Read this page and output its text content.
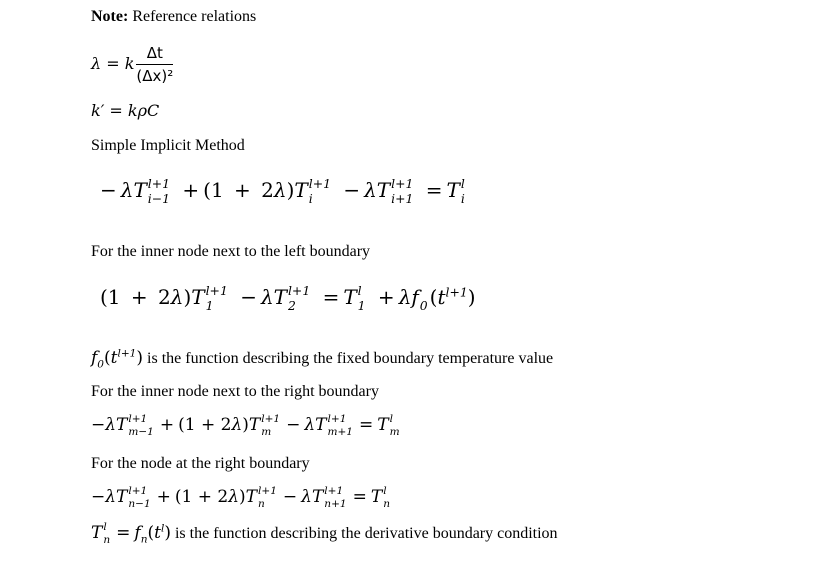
Note: Reference relations
λ = k $\frac{\Delta t}{\text{(Δx)²}}$
k′ = kρC
Simple Implicit Method
− λT l+1
i−1 + (1 + 2λ)T l+1
i	− λT l+1
i+1 = T l
i
For the inner node next to the left boundary
(1 + 2λ)T l+1
1	− λT l+1
2	= T l
1 + λf
0 $(t^{l+1})$
$f_0(t^{l+1})$ is the function describing the fixed boundary temperature value
For the inner node next to the right boundary
−λT l+1
m−1 + (1 + 2λ)T l+1
m − λT l+1
m+1 = T l
m
For the node at the right boundary
−λT l+1
n−1 + (1 + 2λ)T l+1
n	− λT l+1
n+1 = T l
n
T l
$n = f_n(t^l)$ is the function describing the derivative boundary condition
